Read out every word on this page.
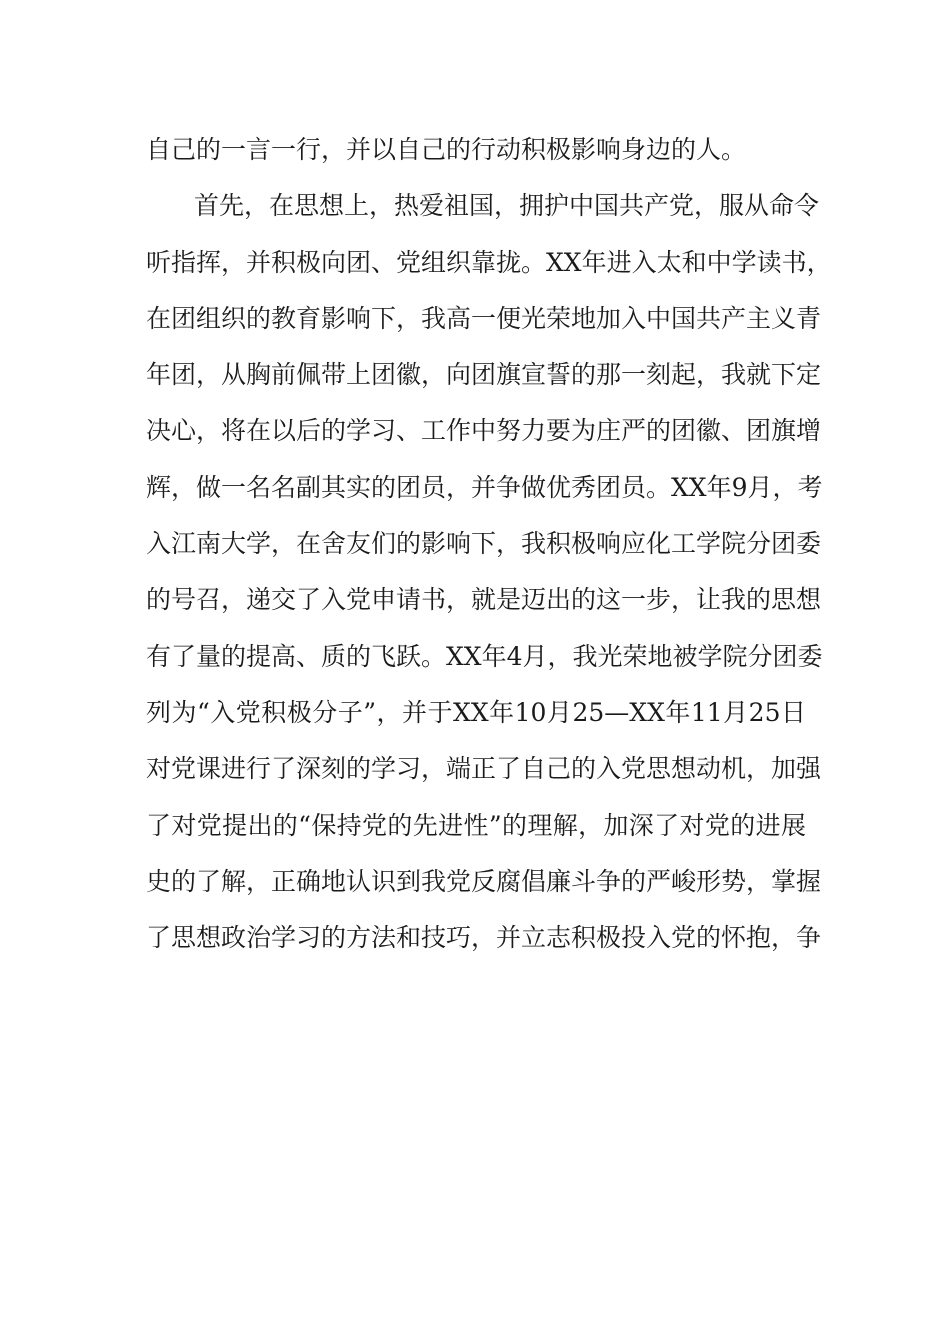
自己的一言一行，并以自己的行动积极影响身边的人。
首先，在思想上，热爱祖国，拥护中国共产党，服从命令
听指挥，并积极向团、党组织靠拢。XX年进入太和中学读书，
在团组织的教育影响下，我高一便光荣地加入中国共产主义青
年团，从胸前佩带上团徽，向团旗宣誓的那一刻起，我就下定
决心，将在以后的学习、工作中努力要为庄严的团徽、团旗增
辉，做一名名副其实的团员，并争做优秀团员。XX年9月，考
入江南大学，在舍友们的影响下，我积极响应化工学院分团委
的号召，递交了入党申请书，就是迈出的这一步，让我的思想
有了量的提高、质的飞跃。XX年4月，我光荣地被学院分团委
列为“入党积极分子”，并于XX年10月25—XX年11月25日
对党课进行了深刻的学习，端正了自己的入党思想动机，加强
了对党提出的“保持党的先进性”的理解，加深了对党的进展
史的了解，正确地认识到我党反腐倡廉斗争的严峻形势，掌握
了思想政治学习的方法和技巧，并立志积极投入党的怀抱，争
